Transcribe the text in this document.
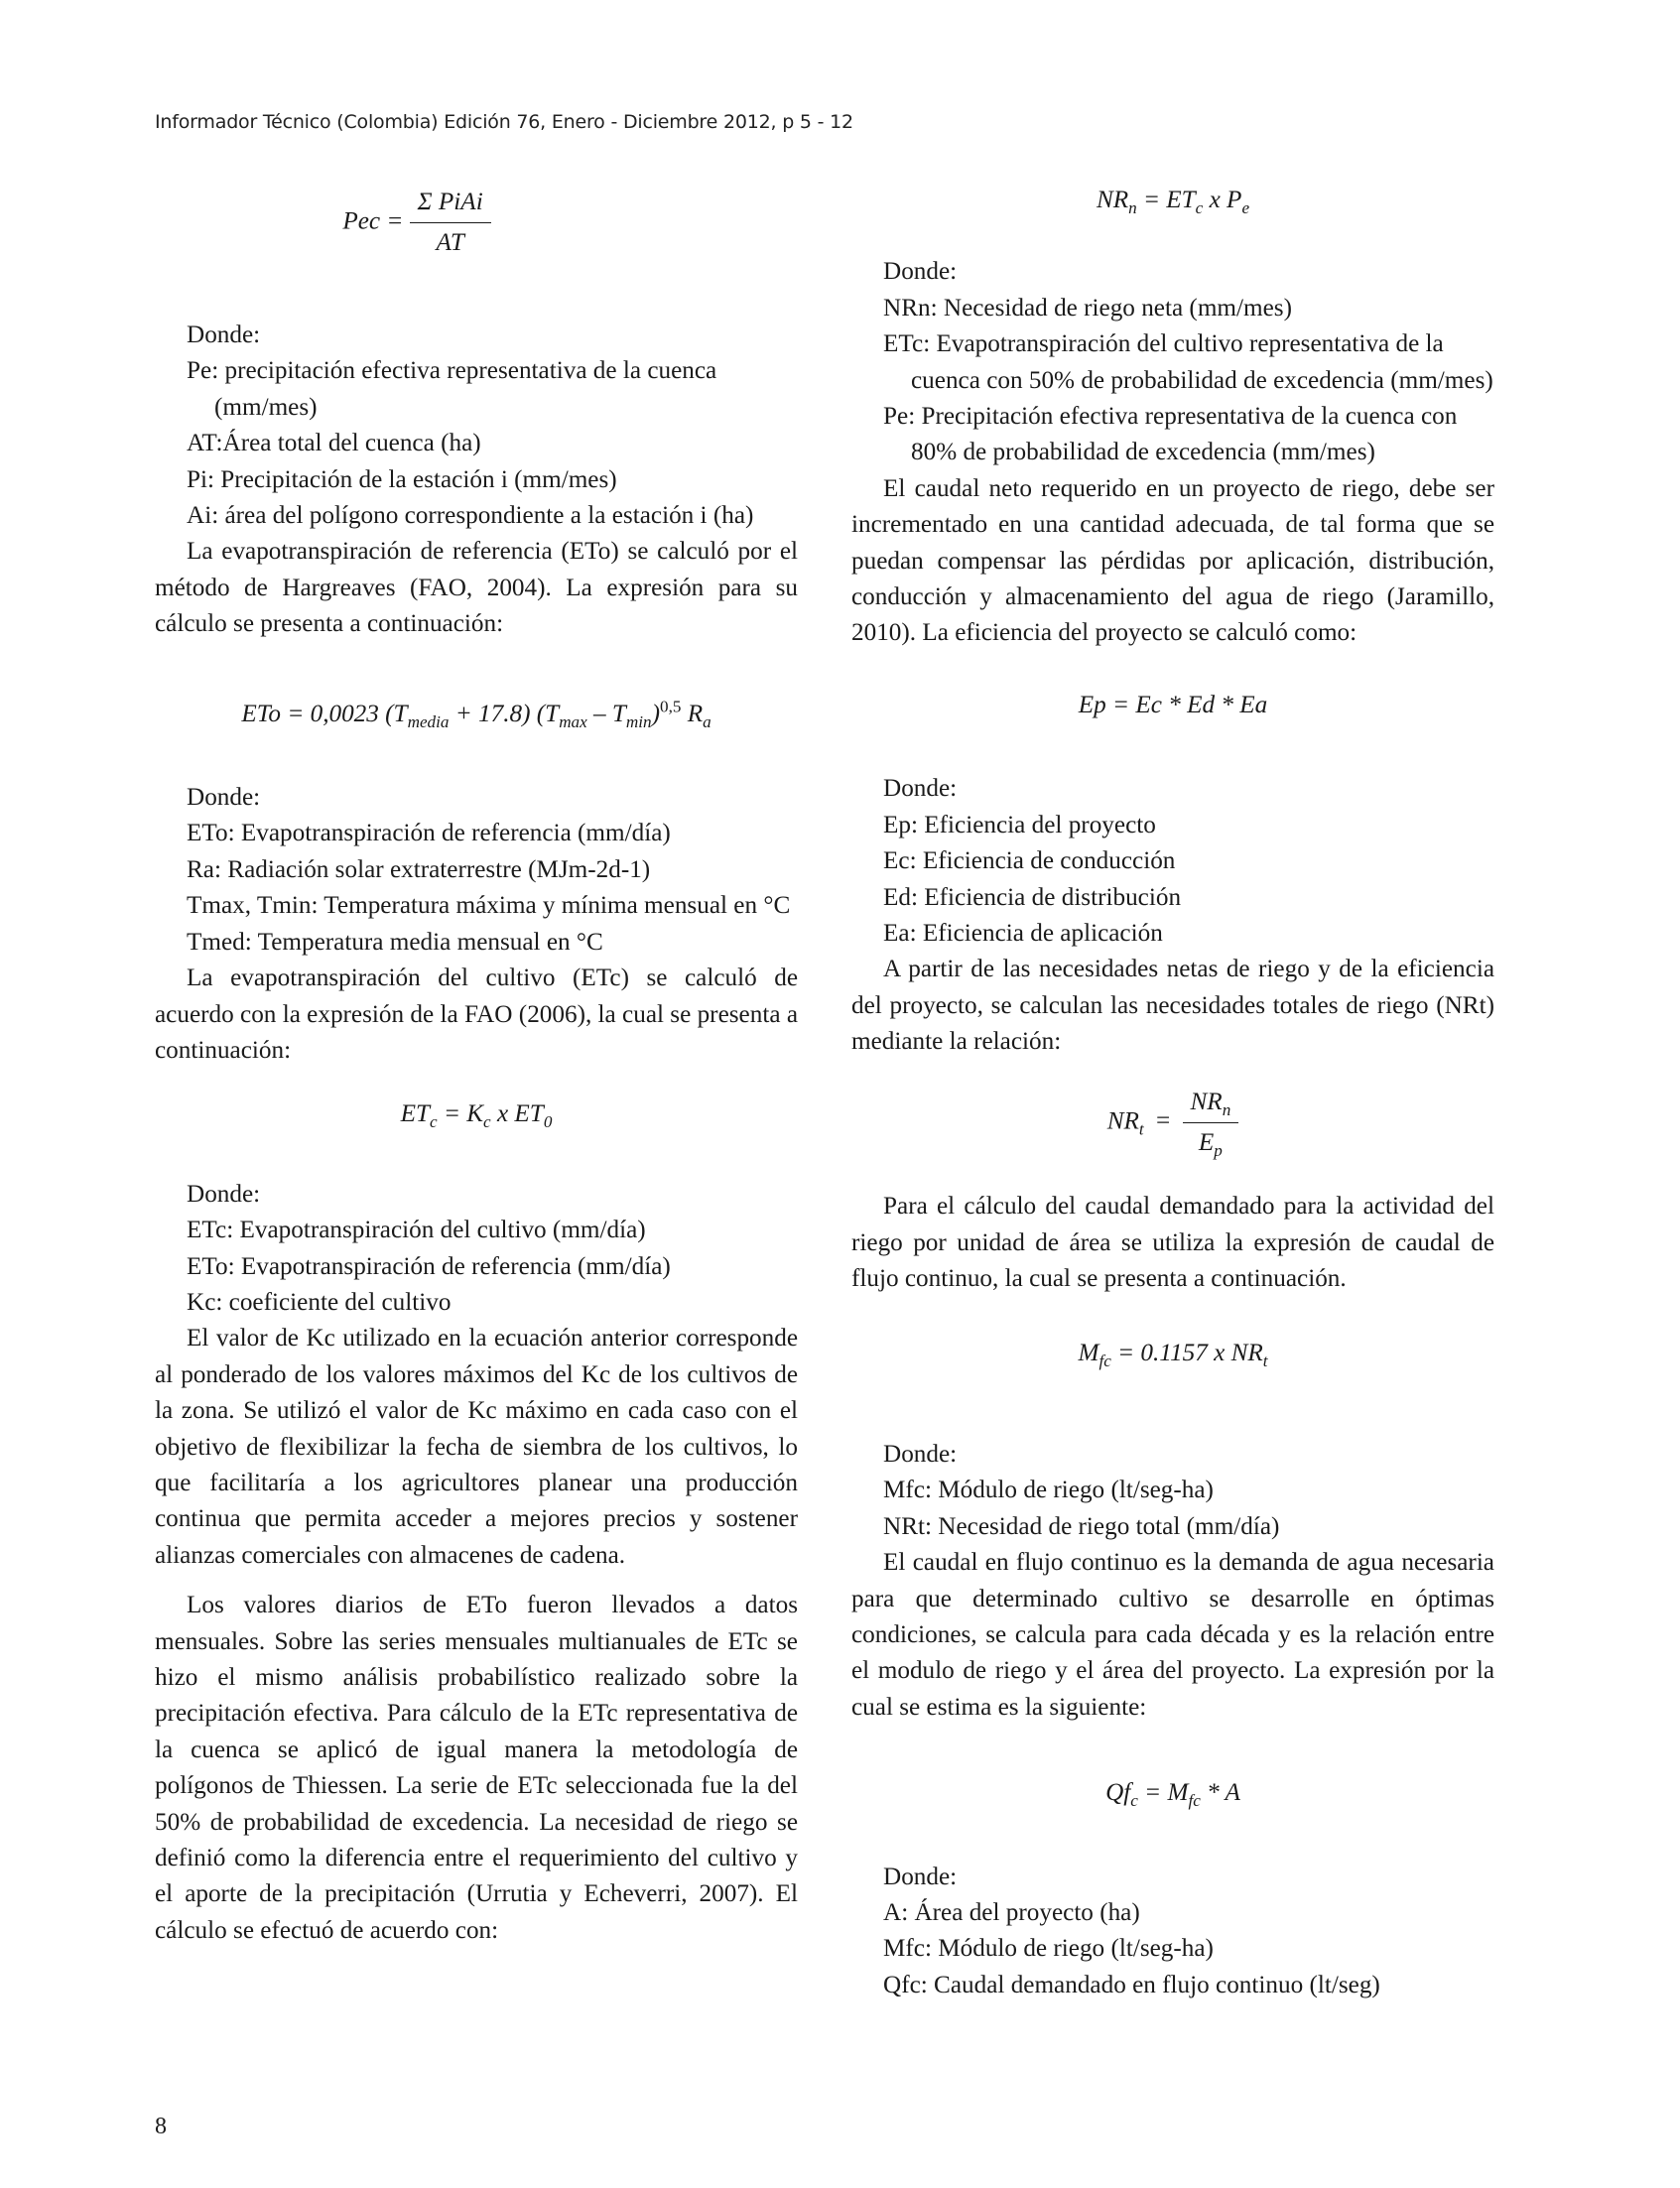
Informador Técnico (Colombia) Edición 76, Enero - Diciembre 2012, p 5 - 12
Pec = $\frac{\text{Σ PiAi}}{AT}$

Donde:

Pe: precipitación efectiva representativa de la cuenca (mm/mes)

AT:Área total del cuenca (ha)

Pi: Precipitación de la estación i (mm/mes)

Ai: área del polígono correspondiente a la estación i (ha)

La evapotranspiración de referencia (ETo) se calculó por el método de Hargreaves (FAO, 2004). La expresión para su cálculo se presenta a continuación:

ETo = 0,0023 $(T_{media} + 17.8)$ $(T_{max} - T_{min})^{0,5}$ $R_a$

Donde:

ETo: Evapotranspiración de referencia (mm/día)

Ra: Radiación solar extraterrestre (MJm-2d-1)

Tmax, Tmin: Temperatura máxima y mínima mensual en °C

Tmed: Temperatura media mensual en °C

La evapotranspiración del cultivo (ETc) se calculó de acuerdo con la expresión de la FAO (2006), la cual se presenta a continuación:

$ET_c = K_c$ x $ET_0$

Donde:

ETc: Evapotranspiración del cultivo (mm/día)

ETo: Evapotranspiración de referencia (mm/día)

Kc: coeficiente del cultivo

El valor de Kc utilizado en la ecuación anterior corresponde al ponderado de los valores máximos del Kc de los cultivos de la zona. Se utilizó el valor de Kc máximo en cada caso con el objetivo de flexibilizar la fecha de siembra de los cultivos, lo que facilitaría a los agricultores planear una producción continua que permita acceder a mejores precios y sostener alianzas comerciales con almacenes de cadena.

Los valores diarios de ETo fueron llevados a datos mensuales. Sobre las series mensuales multianuales de ETc se hizo el mismo análisis probabilístico realizado sobre la precipitación efectiva. Para cálculo de la ETc representativa de la cuenca se aplicó de igual manera la metodología de polígonos de Thiessen. La serie de ETc seleccionada fue la del 50% de probabilidad de excedencia. La necesidad de riego se definió como la diferencia entre el requerimiento del cultivo y el aporte de la precipitación (Urrutia y Echeverri, 2007). El cálculo se efectuó de acuerdo con:

$NR_n = ET_c$ x $P_e$

Donde:

NRn: Necesidad de riego neta (mm/mes)

ETc: Evapotranspiración del cultivo representativa de la cuenca con 50% de probabilidad de excedencia (mm/mes)

Pe: Precipitación efectiva representativa de la cuenca con 80% de probabilidad de excedencia (mm/mes)

El caudal neto requerido en un proyecto de riego, debe ser incrementado en una cantidad adecuada, de tal forma que se puedan compensar las pérdidas por aplicación, distribución, conducción y almacenamiento del agua de riego (Jaramillo, 2010). La eficiencia del proyecto se calculó como:

Ep = Ec * Ed * Ea

Donde:

Ep: Eficiencia del proyecto

Ec: Eficiencia de conducción

Ed: Eficiencia de distribución

Ea: Eficiencia de aplicación

A partir de las necesidades netas de riego y de la eficiencia del proyecto, se calculan las necesidades totales de riego (NRt) mediante la relación:

$NR_t = \frac{NR_n}{E_p}$

Para el cálculo del caudal demandado para la actividad del riego por unidad de área se utiliza la expresión de caudal de flujo continuo, la cual se presenta a continuación.

$M_{fc} = 0.1157$ x $NR_t$

Donde:

Mfc: Módulo de riego (lt/seg-ha)

NRt: Necesidad de riego total (mm/día)

El caudal en flujo continuo es la demanda de agua necesaria para que determinado cultivo se desarrolle en óptimas condiciones, se calcula para cada década y es la relación entre el modulo de riego y el área del proyecto. La expresión por la cual se estima es la siguiente:

$Qf_c = M_{fc} * A$

Donde:

A: Área del proyecto (ha)

Mfc: Módulo de riego (lt/seg-ha)

Qfc: Caudal demandado en flujo continuo (lt/seg)

8
